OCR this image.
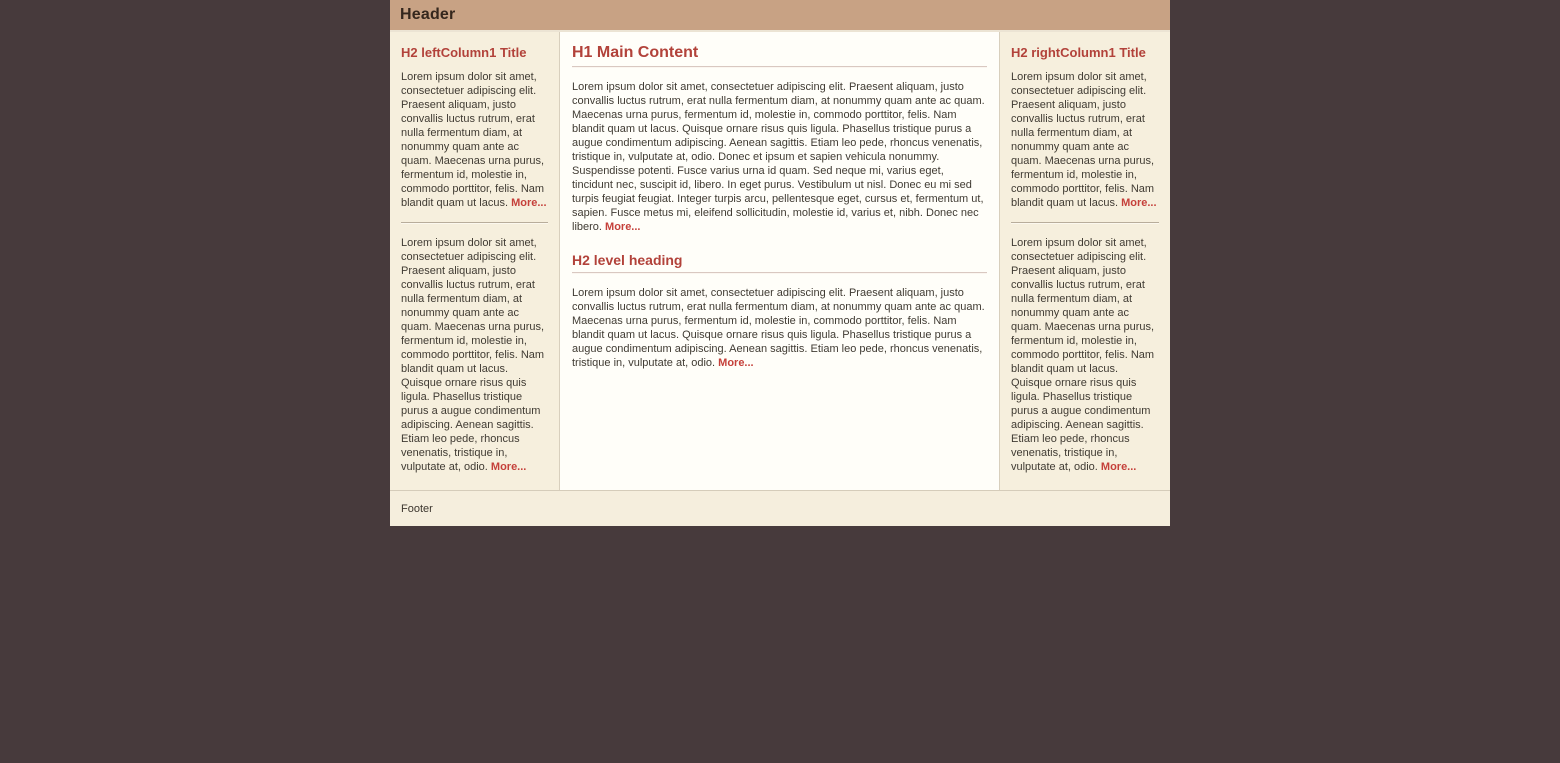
Header
H2 leftColumn1 Title

Lorem ipsum dolor sit amet, consectetuer adipiscing elit. Praesent aliquam, justo convallis luctus rutrum, erat nulla fermentum diam, at nonummy quam ante ac quam. Maecenas urna purus, fermentum id, molestie in, commodo porttitor, felis. Nam blandit quam ut lacus. More...

Lorem ipsum dolor sit amet, consectetuer adipiscing elit. Praesent aliquam, justo convallis luctus rutrum, erat nulla fermentum diam, at nonummy quam ante ac quam. Maecenas urna purus, fermentum id, molestie in, commodo porttitor, felis. Nam blandit quam ut lacus. Quisque ornare risus quis ligula. Phasellus tristique purus a augue condimentum adipiscing. Aenean sagittis. Etiam leo pede, rhoncus venenatis, tristique in, vulputate at, odio. More...

H1 Main Content

Lorem ipsum dolor sit amet, consectetuer adipiscing elit. Praesent aliquam, justo convallis luctus rutrum, erat nulla fermentum diam, at nonummy quam ante ac quam. Maecenas urna purus, fermentum id, molestie in, commodo porttitor, felis. Nam blandit quam ut lacus. Quisque ornare risus quis ligula. Phasellus tristique purus a augue condimentum adipiscing. Aenean sagittis. Etiam leo pede, rhoncus venenatis, tristique in, vulputate at, odio. Donec et ipsum et sapien vehicula nonummy. Suspendisse potenti. Fusce varius urna id quam. Sed neque mi, varius eget, tincidunt nec, suscipit id, libero. In eget purus. Vestibulum ut nisl. Donec eu mi sed turpis feugiat feugiat. Integer turpis arcu, pellentesque eget, cursus et, fermentum ut, sapien. Fusce metus mi, eleifend sollicitudin, molestie id, varius et, nibh. Donec nec libero. More...

H2 level heading

Lorem ipsum dolor sit amet, consectetuer adipiscing elit. Praesent aliquam, justo convallis luctus rutrum, erat nulla fermentum diam, at nonummy quam ante ac quam. Maecenas urna purus, fermentum id, molestie in, commodo porttitor, felis. Nam blandit quam ut lacus. Quisque ornare risus quis ligula. Phasellus tristique purus a augue condimentum adipiscing. Aenean sagittis. Etiam leo pede, rhoncus venenatis, tristique in, vulputate at, odio. More...

H2 rightColumn1 Title

Lorem ipsum dolor sit amet, consectetuer adipiscing elit. Praesent aliquam, justo convallis luctus rutrum, erat nulla fermentum diam, at nonummy quam ante ac quam. Maecenas urna purus, fermentum id, molestie in, commodo porttitor, felis. Nam blandit quam ut lacus. More...

Lorem ipsum dolor sit amet, consectetuer adipiscing elit. Praesent aliquam, justo convallis luctus rutrum, erat nulla fermentum diam, at nonummy quam ante ac quam. Maecenas urna purus, fermentum id, molestie in, commodo porttitor, felis. Nam blandit quam ut lacus. Quisque ornare risus quis ligula. Phasellus tristique purus a augue condimentum adipiscing. Aenean sagittis. Etiam leo pede, rhoncus venenatis, tristique in, vulputate at, odio. More...

Footer
